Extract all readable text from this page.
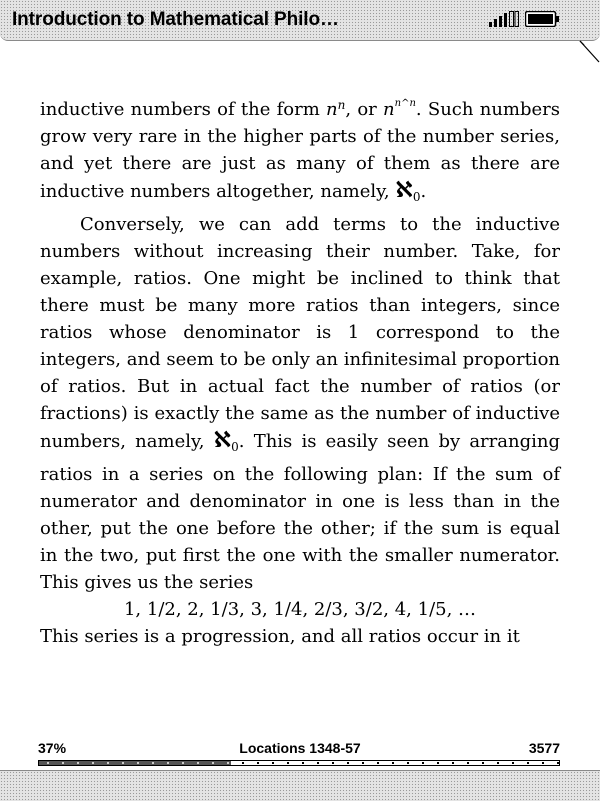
Introduction to Mathematical Philo…

inductive numbers of the form $n^n$, or $n^{n\^{}n}$. Such numbers grow very rare in the higher parts of the number series, and yet there are just as many of them as there are inductive numbers altogether, namely, ℵ$_0$.

Conversely, we can add terms to the inductive numbers without increasing their number. Take, for example, ratios. One might be inclined to think that there must be many more ratios than integers, since ratios whose denominator is 1 correspond to the integers, and seem to be only an infinitesimal proportion of ratios. But in actual fact the number of ratios (or fractions) is exactly the same as the number of inductive numbers, namely, ℵ$_0$. This is easily seen by arranging ratios in a series on the following plan: If the sum of numerator and denominator in one is less than in the other, put the one before the other; if the sum is equal in the two, put first the one with the smaller numerator. This gives us the series

1, 1/2, 2, 1/3, 3, 1/4, 2/3, 3/2, 4, 1/5, …

This series is a progression, and all ratios occur in it

37%	Locations 1348-57	3577
